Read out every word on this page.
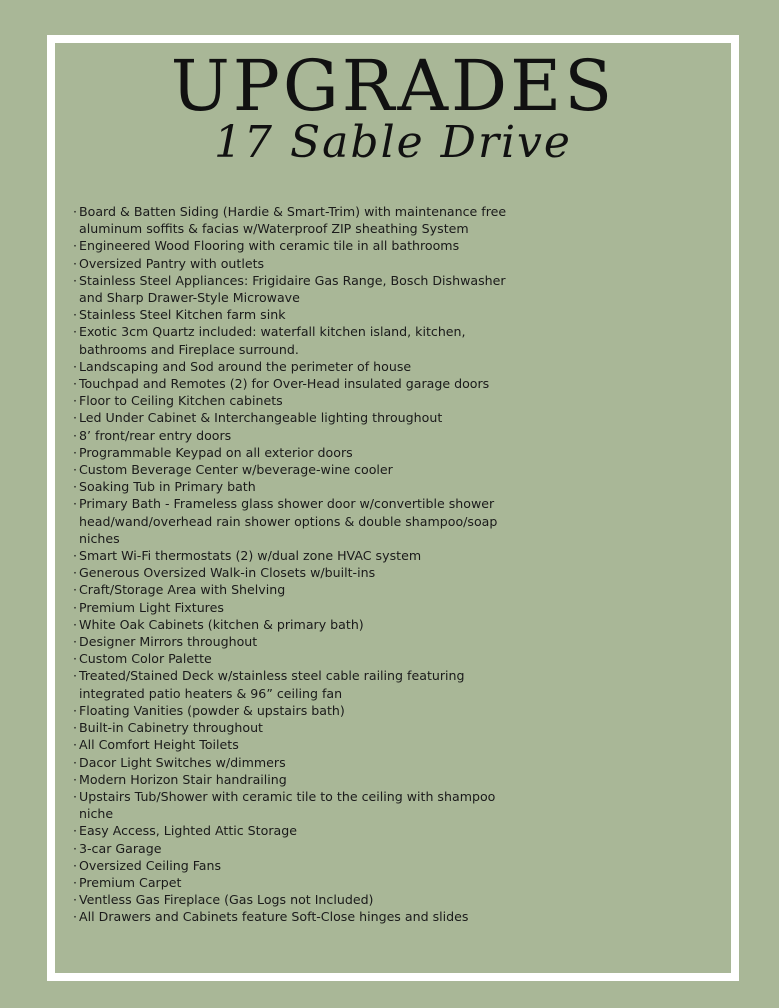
UPGRADES
17 Sable Drive
· Board & Batten Siding (Hardie & Smart-Trim) with maintenance free aluminum soffits & facias w/Waterproof ZIP sheathing System
· Engineered Wood Flooring with ceramic tile in all bathrooms
· Oversized Pantry with outlets
· Stainless Steel Appliances: Frigidaire Gas Range, Bosch Dishwasher and Sharp Drawer-Style Microwave
· Stainless Steel Kitchen farm sink
· Exotic 3cm Quartz included: waterfall kitchen island, kitchen, bathrooms and Fireplace surround.
· Landscaping and Sod around the perimeter of house
· Touchpad and Remotes (2) for Over-Head insulated garage doors
· Floor to Ceiling Kitchen cabinets
· Led Under Cabinet & Interchangeable lighting throughout
· 8’ front/rear entry doors
· Programmable Keypad on all exterior doors
· Custom Beverage Center w/beverage-wine cooler
· Soaking Tub in Primary bath
· Primary Bath - Frameless glass shower door w/convertible shower head/wand/overhead rain shower options & double shampoo/soap niches
· Smart Wi-Fi thermostats (2) w/dual zone HVAC system
· Generous Oversized Walk-in Closets w/built-ins
· Craft/Storage Area with Shelving
· Premium Light Fixtures
· White Oak Cabinets (kitchen & primary bath)
· Designer Mirrors throughout
· Custom Color Palette
· Treated/Stained Deck w/stainless steel cable railing featuring integrated patio heaters & 96” ceiling fan
· Floating Vanities (powder & upstairs bath)
· Built-in Cabinetry throughout
· All Comfort Height Toilets
· Dacor Light Switches w/dimmers
· Modern Horizon Stair handrailing
· Upstairs Tub/Shower with ceramic tile to the ceiling with shampoo niche
· Easy Access, Lighted Attic Storage
· 3-car Garage
· Oversized Ceiling Fans
· Premium Carpet
· Ventless Gas Fireplace (Gas Logs not Included)
· All Drawers and Cabinets feature Soft-Close hinges and slides
